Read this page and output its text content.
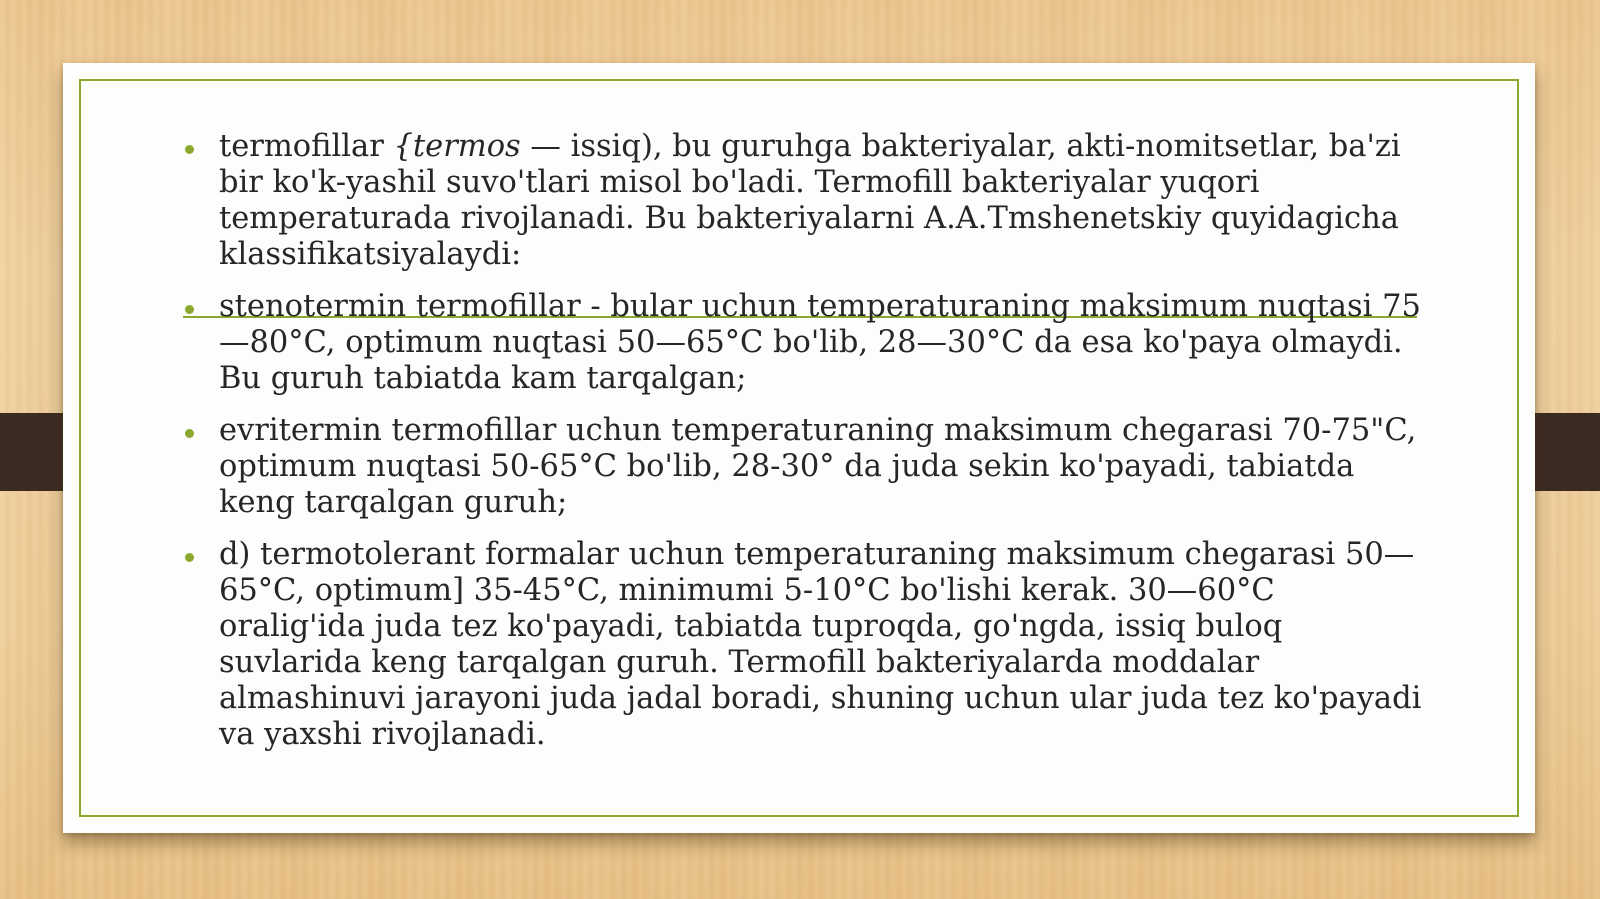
termofillar {termos — issiq), bu guruhga bakteriyalar, akti-nomitsetlar, ba'zi bir ko'k-yashil suvo'tlari misol bo'ladi. Termofill bakteriyalar yuqori temperaturada rivojlanadi. Bu bakteriyalarni A.A.Tmshenetskiy quyidagicha klassifikatsiyalaydi:
stenotermin termofillar - bular uchun temperaturaning maksimum nuqtasi 75—80°C, optimum nuqtasi 50—65°C bo'lib, 28—30°C da esa ko'paya olmaydi. Bu guruh tabiatda kam tarqalgan;
evritermin termofillar uchun temperaturaning maksimum chegarasi 70-75"C, optimum nuqtasi 50-65°C bo'lib, 28-30° da juda sekin ko'payadi, tabiatda keng tarqalgan guruh;
d) termotolerant formalar uchun temperaturaning maksimum chegarasi 50—65°C, optimum] 35-45°C, minimumi 5-10°C bo'lishi kerak. 30—60°C oralig'ida juda tez ko'payadi, tabiatda tuproqda, go'ngda, issiq buloq suvlarida keng tarqalgan guruh. Termofill bakteriyalarda moddalar almashinuvi jarayoni juda jadal boradi, shuning uchun ular juda tez ko'payadi va yaxshi rivojlanadi.
